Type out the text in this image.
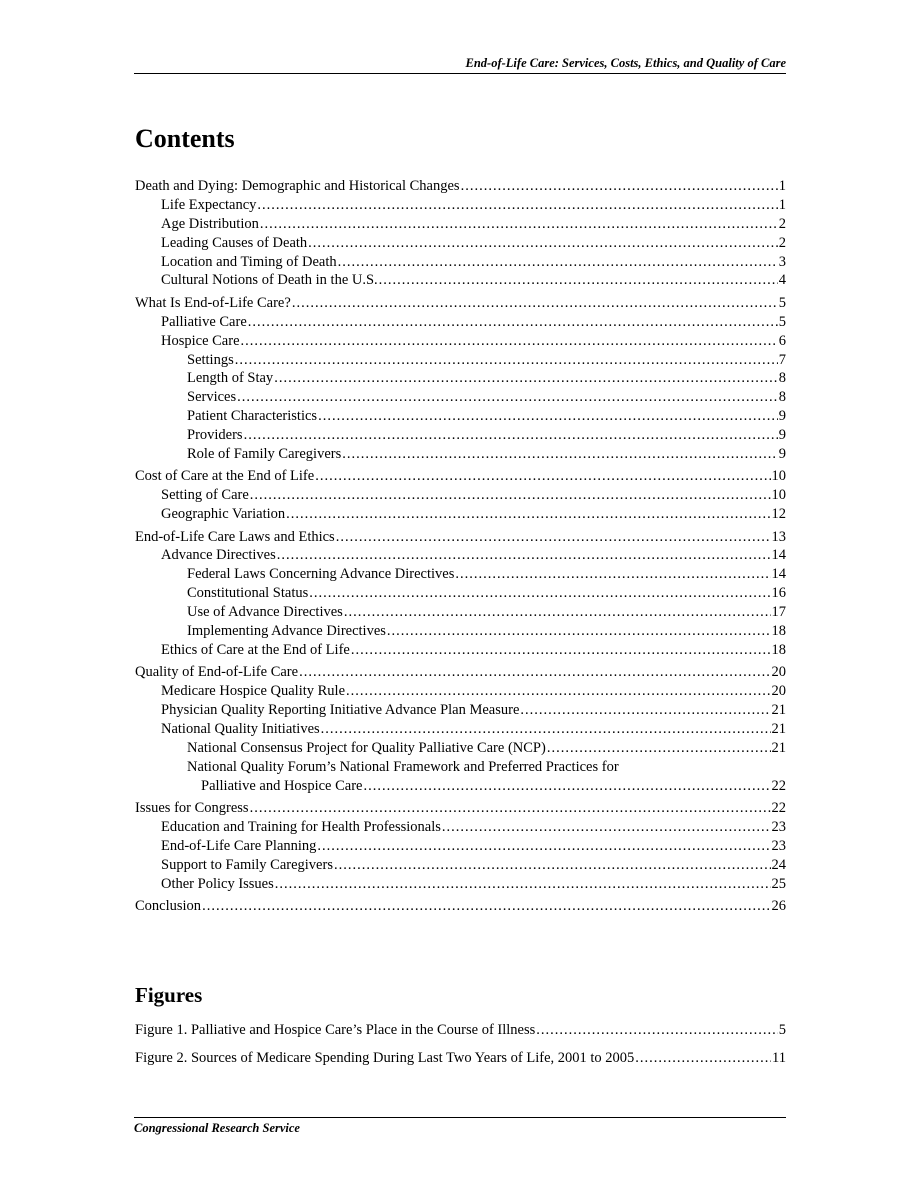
End-of-Life Care: Services, Costs, Ethics, and Quality of Care
Contents
Death and Dying: Demographic and Historical Changes .....	1
Life Expectancy .....	1
Age Distribution .....	2
Leading Causes of Death .....	2
Location and Timing of Death .....	3
Cultural Notions of Death in the U.S. .....	4
What Is End-of-Life Care? .....	5
Palliative Care .....	5
Hospice Care .....	6
Settings .....	7
Length of Stay .....	8
Services .....	8
Patient Characteristics .....	9
Providers .....	9
Role of Family Caregivers .....	9
Cost of Care at the End of Life .....	10
Setting of Care .....	10
Geographic Variation .....	12
End-of-Life Care Laws and Ethics .....	13
Advance Directives .....	14
Federal Laws Concerning Advance Directives .....	14
Constitutional Status .....	16
Use of Advance Directives .....	17
Implementing Advance Directives .....	18
Ethics of Care at the End of Life .....	18
Quality of End-of-Life Care .....	20
Medicare Hospice Quality Rule .....	20
Physician Quality Reporting Initiative Advance Plan Measure .....	21
National Quality Initiatives .....	21
National Consensus Project for Quality Palliative Care (NCP) .....	21
National Quality Forum’s National Framework and Preferred Practices for
Palliative and Hospice Care .....	22
Issues for Congress .....	22
Education and Training for Health Professionals .....	23
End-of-Life Care Planning .....	23
Support to Family Caregivers .....	24
Other Policy Issues .....	25
Conclusion .....	26
Figures
Figure 1. Palliative and Hospice Care’s Place in the Course of Illness .....	5
Figure 2. Sources of Medicare Spending During Last Two Years of Life, 2001 to 2005 .....	11
Congressional Research Service
